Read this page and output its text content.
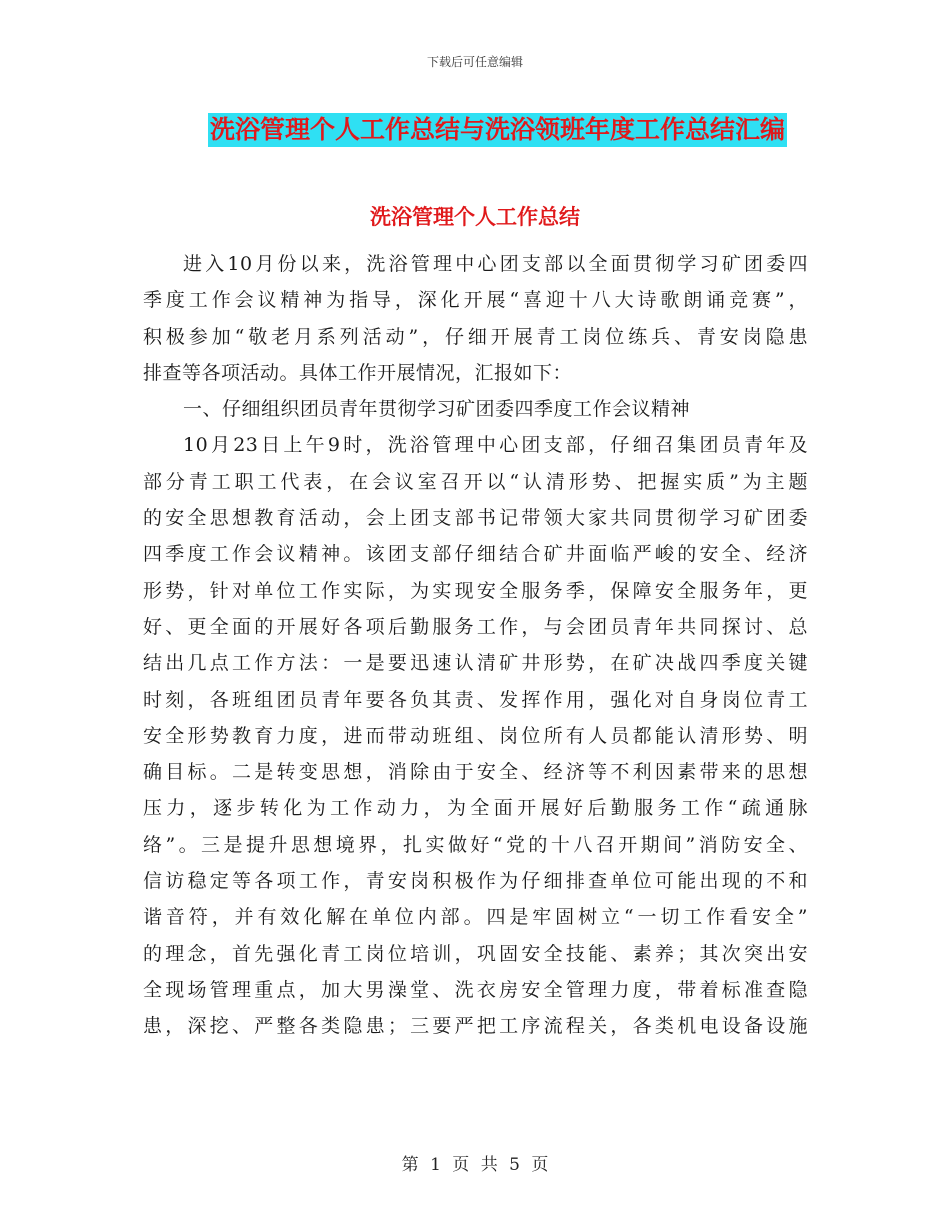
下载后可任意编辑
洗浴管理个人工作总结与洗浴领班年度工作总结汇编
洗浴管理个人工作总结
进入10月份以来，洗浴管理中心团支部以全面贯彻学习矿团委四
季度工作会议精神为指导，深化开展“喜迎十八大诗歌朗诵竞赛”，
积极参加“敬老月系列活动”，仔细开展青工岗位练兵、青安岗隐患
排查等各项活动。具体工作开展情况，汇报如下：
一、仔细组织团员青年贯彻学习矿团委四季度工作会议精神
10月23日上午9时，洗浴管理中心团支部，仔细召集团员青年及
部分青工职工代表，在会议室召开以“认清形势、把握实质”为主题
的安全思想教育活动，会上团支部书记带领大家共同贯彻学习矿团委
四季度工作会议精神。该团支部仔细结合矿井面临严峻的安全、经济
形势，针对单位工作实际，为实现安全服务季，保障安全服务年，更
好、更全面的开展好各项后勤服务工作，与会团员青年共同探讨、总
结出几点工作方法：一是要迅速认清矿井形势，在矿决战四季度关键
时刻，各班组团员青年要各负其责、发挥作用，强化对自身岗位青工
安全形势教育力度，进而带动班组、岗位所有人员都能认清形势、明
确目标。二是转变思想，消除由于安全、经济等不利因素带来的思想
压力，逐步转化为工作动力，为全面开展好后勤服务工作“疏通脉
络”。三是提升思想境界，扎实做好“党的十八召开期间”消防安全、
信访稳定等各项工作，青安岗积极作为仔细排查单位可能出现的不和
谐音符，并有效化解在单位内部。四是牢固树立“一切工作看安全”
的理念，首先强化青工岗位培训，巩固安全技能、素养；其次突出安
全现场管理重点，加大男澡堂、洗衣房安全管理力度，带着标准查隐
患，深挖、严整各类隐患；三要严把工序流程关，各类机电设备设施
第 1 页 共 5 页
